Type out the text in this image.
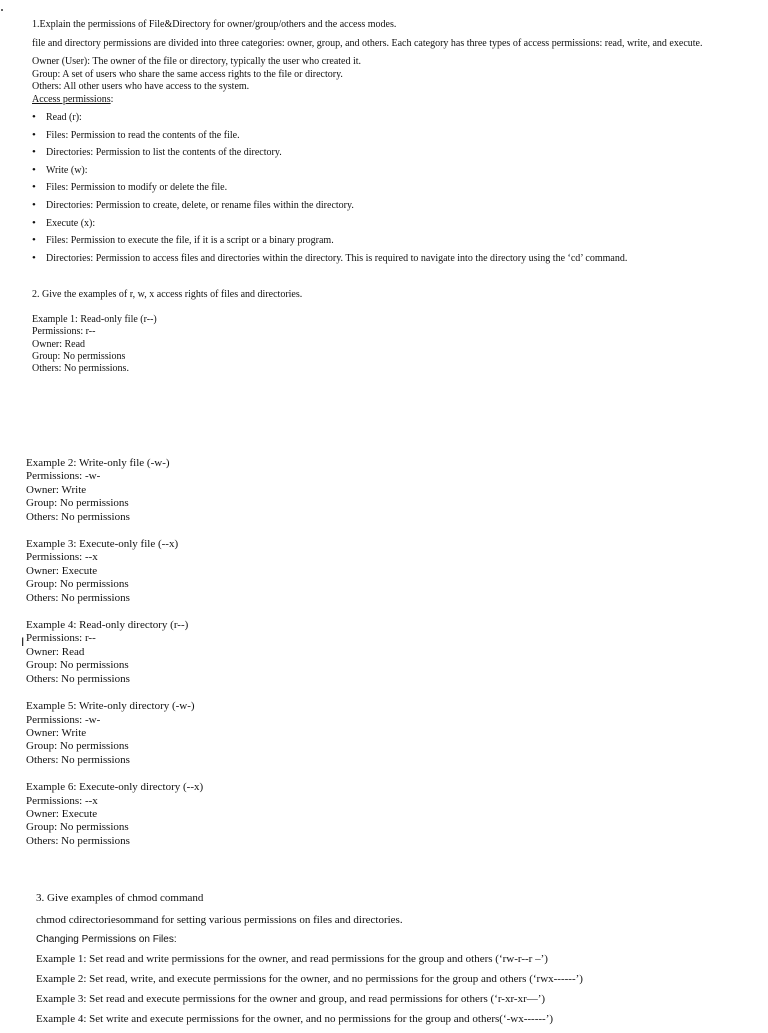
I
1.Explain the permissions of File&Directory for owner/group/others and the access modes.
file and directory permissions are divided into three categories: owner, group, and others. Each category has three types of access permissions: read, write, and execute.
Owner (User): The owner of the file or directory, typically the user who created it.
Group: A set of users who share the same access rights to the file or directory.
Others: All other users who have access to the system.
Access permissions:
• Read (r):
• Files: Permission to read the contents of the file.
• Directories: Permission to list the contents of the directory.
• Write (w):
• Files: Permission to modify or delete the file.
• Directories: Permission to create, delete, or rename files within the directory.
• Execute (x):
• Files: Permission to execute the file, if it is a script or a binary program.
• Directories: Permission to access files and directories within the directory. This is required to navigate into the directory using the ‘cd’ command.
2. Give the examples of r, w, x access rights of files and directories.
Example 1: Read-only file (r--)
Permissions: r--
Owner: Read
Group: No permissions
Others: No permissions.
Example 2: Write-only file (-w-)
Permissions: -w-
Owner: Write
Group: No permissions
Others: No permissions
Example 3: Execute-only file (--x)
Permissions: --x
Owner: Execute
Group: No permissions
Others: No permissions
Example 4: Read-only directory (r--)
Permissions: r--
Owner: Read
Group: No permissions
Others: No permissions
Example 5: Write-only directory (-w-)
Permissions: -w-
Owner: Write
Group: No permissions
Others: No permissions
Example 6: Execute-only directory (--x)
Permissions: --x
Owner: Execute
Group: No permissions
Others: No permissions
3. Give examples of chmod command
chmod cdirectoriesommand for setting various permissions on files and directories.
Changing Permissions on Files:
Example 1: Set read and write permissions for the owner, and read permissions for the group and others (‘rw-r--r –’)
Example 2: Set read, write, and execute permissions for the owner, and no permissions for the group and others (‘rwx------’)
Example 3: Set read and execute permissions for the owner and group, and read permissions for others (‘r-xr-xr—’)
Example 4: Set write and execute permissions for the owner, and no permissions for the group and others(‘-wx------’)
